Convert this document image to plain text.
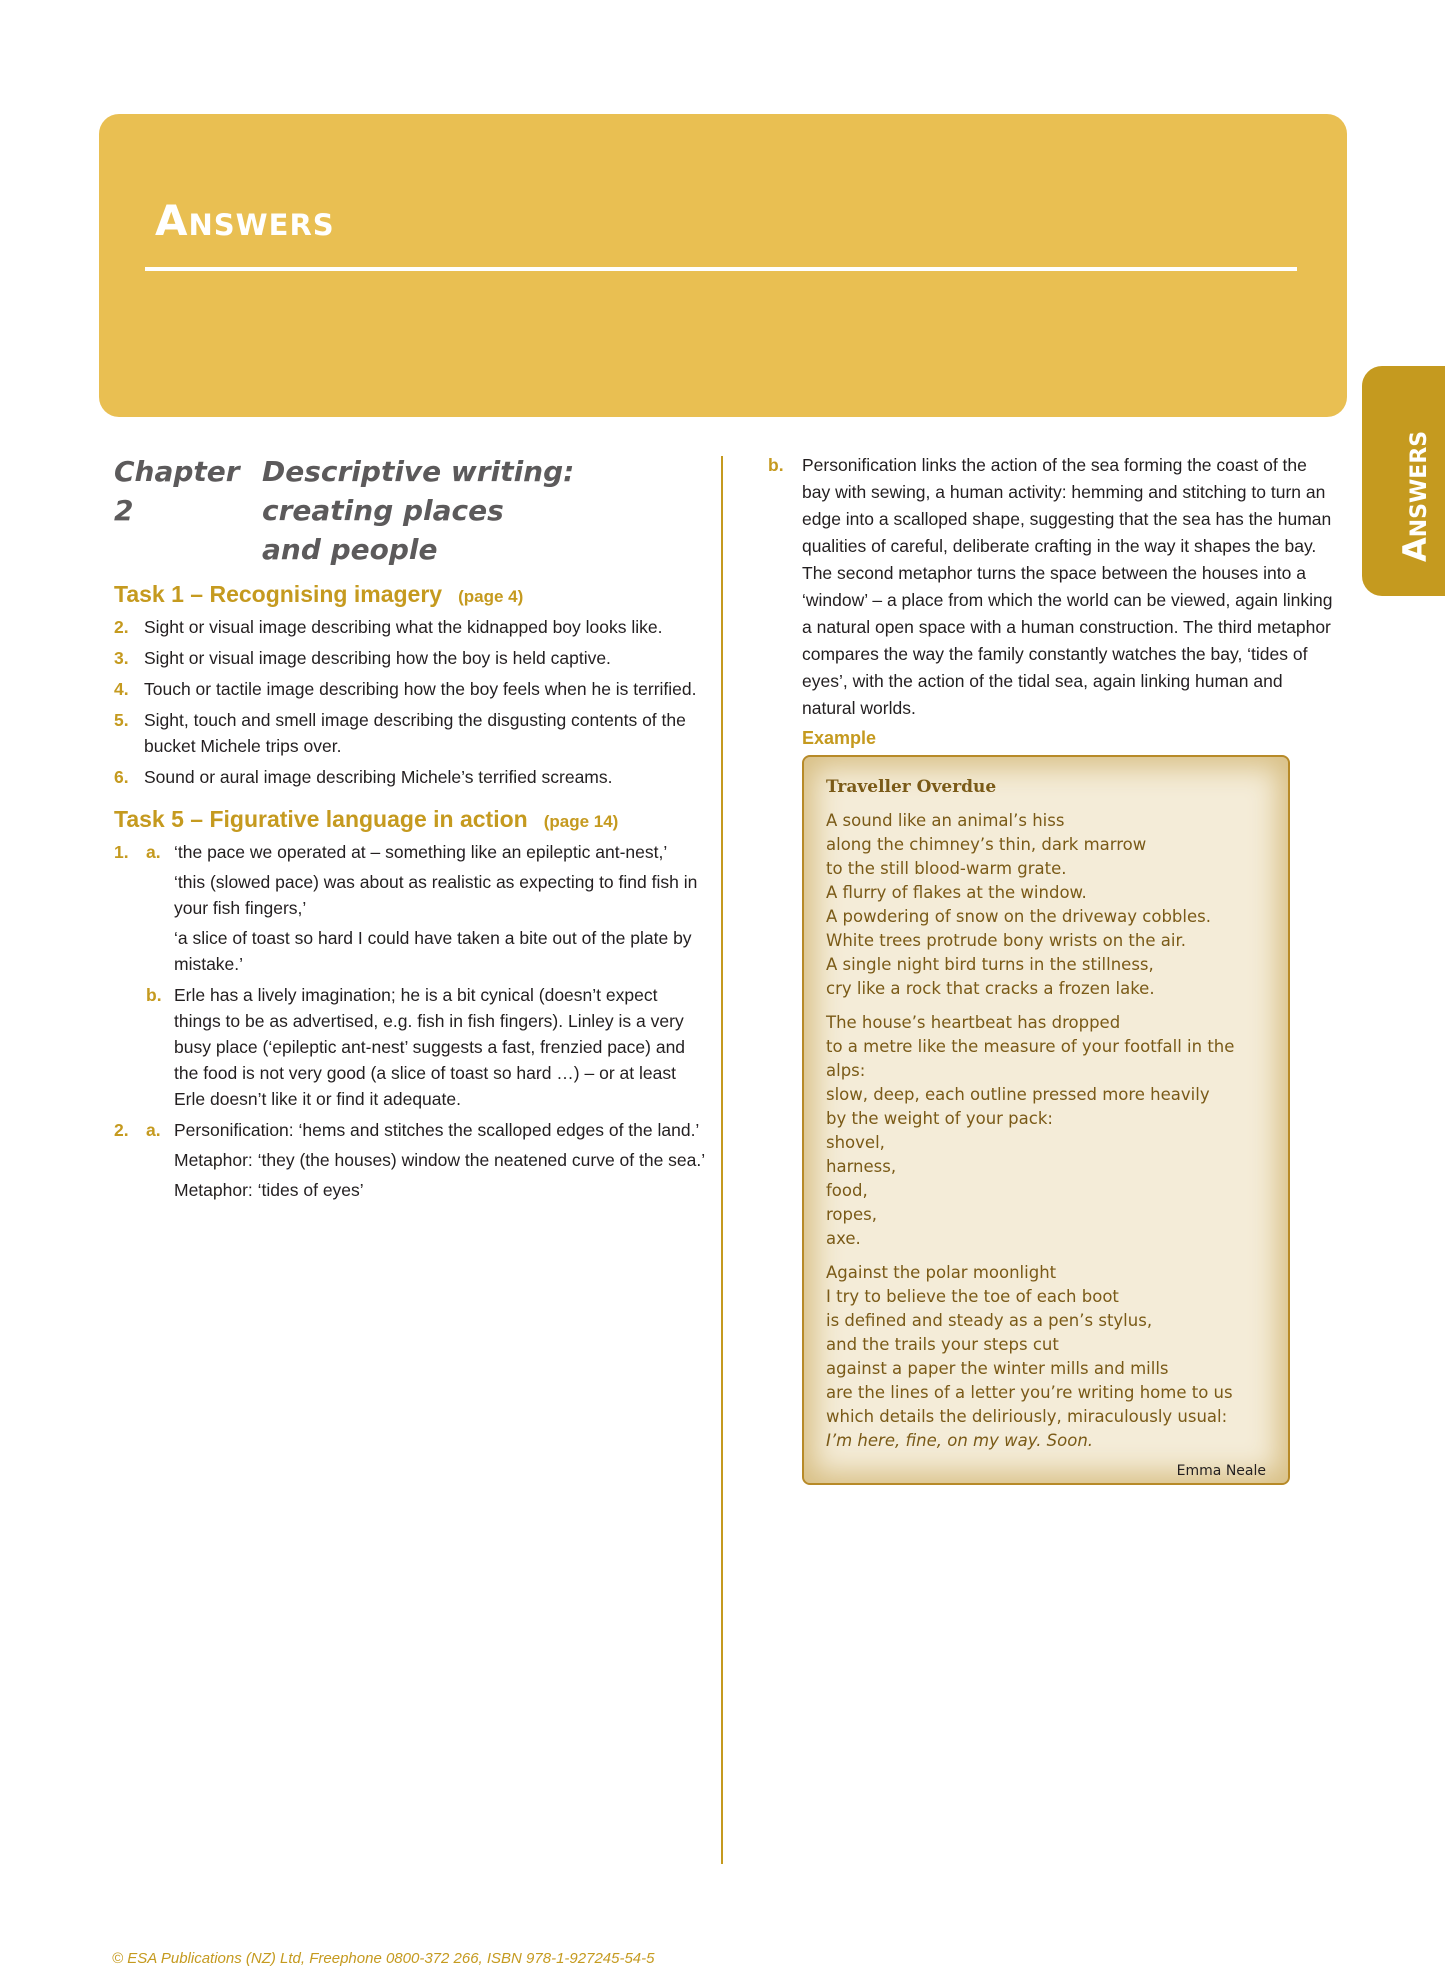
Answers
Answers
Chapter 2
Descriptive writing: creating places
and people
Task 1 – Recognising imagery (page 4)
2. Sight or visual image describing what the kidnapped boy looks like.
3. Sight or visual image describing how the boy is held captive.
4. Touch or tactile image describing how the boy feels when he is terrified.
5. Sight, touch and smell image describing the disgusting contents of the bucket Michele trips over.
6. Sound or aural image describing Michele’s terrified screams.
Task 5 – Figurative language in action (page 14)
1. a. ‘the pace we operated at – something like an epileptic ant-nest,’
‘this (slowed pace) was about as realistic as expecting to find fish in your fish fingers,’
‘a slice of toast so hard I could have taken a bite out of the plate by mistake.’
b. Erle has a lively imagination; he is a bit cynical (doesn’t expect things to be as advertised, e.g. fish in fish fingers). Linley is a very busy place (‘epileptic ant-nest’ suggests a fast, frenzied pace) and the food is not very good (a slice of toast so hard …) – or at least Erle doesn’t like it or find it adequate.
2. a. Personification: ‘hems and stitches the scalloped edges of the land.’
Metaphor: ‘they (the houses) window the neatened curve of the sea.’
Metaphor: ‘tides of eyes’
b. Personification links the action of the sea forming the coast of the bay with sewing, a human activity: hemming and stitching to turn an edge into a scalloped shape, suggesting that the sea has the human qualities of careful, deliberate crafting in the way it shapes the bay. The second metaphor turns the space between the houses into a ‘window’ – a place from which the world can be viewed, again linking a natural open space with a human construction. The third metaphor compares the way the family constantly watches the bay, ‘tides of eyes’, with the action of the tidal sea, again linking human and natural worlds.
Example
Traveller Overdue
A sound like an animal’s hiss
along the chimney’s thin, dark marrow
to the still blood-warm grate.
A flurry of flakes at the window.
A powdering of snow on the driveway cobbles.
White trees protrude bony wrists on the air.
A single night bird turns in the stillness,
cry like a rock that cracks a frozen lake.
The house’s heartbeat has dropped
to a metre like the measure of your footfall in the alps:
slow, deep, each outline pressed more heavily
by the weight of your pack:
shovel,
harness,
food,
ropes,
axe.
Against the polar moonlight
I try to believe the toe of each boot
is defined and steady as a pen’s stylus,
and the trails your steps cut
against a paper the winter mills and mills
are the lines of a letter you’re writing home to us
which details the deliriously, miraculously usual:
I’m here, fine, on my way. Soon.
Emma Neale
© ESA Publications (NZ) Ltd, Freephone 0800-372 266, ISBN 978-1-927245-54-5
